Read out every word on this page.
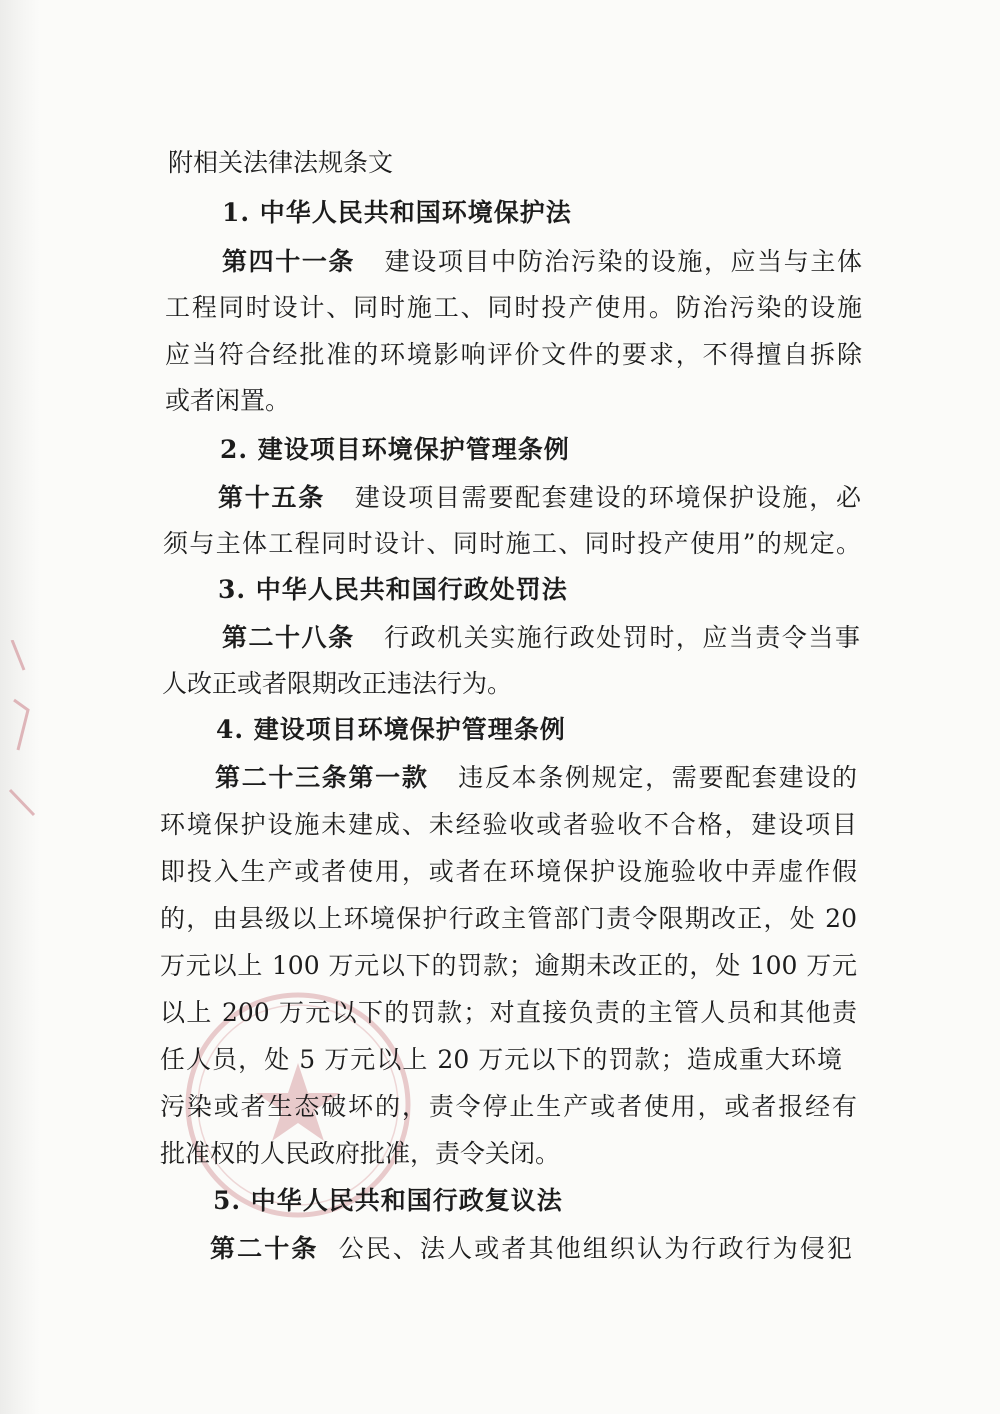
附相关法律法规条文
1. 中华人民共和国环境保护法
第四十一条 建设项目中防治污染的设施，应当与主体
工程同时设计、同时施工、同时投产使用。防治污染的设施
应当符合经批准的环境影响评价文件的要求，不得擅自拆除
或者闲置。
2. 建设项目环境保护管理条例
第十五条 建设项目需要配套建设的环境保护设施，必
须与主体工程同时设计、同时施工、同时投产使用”的规定。
3. 中华人民共和国行政处罚法
第二十八条 行政机关实施行政处罚时，应当责令当事
人改正或者限期改正违法行为。
4. 建设项目环境保护管理条例
第二十三条第一款 违反本条例规定，需要配套建设的
环境保护设施未建成、未经验收或者验收不合格，建设项目
即投入生产或者使用，或者在环境保护设施验收中弄虚作假
的，由县级以上环境保护行政主管部门责令限期改正，处 20
万元以上 100 万元以下的罚款；逾期未改正的，处 100 万元
以上 200 万元以下的罚款；对直接负责的主管人员和其他责
任人员，处 5 万元以上 20 万元以下的罚款；造成重大环境
污染或者生态破坏的，责令停止生产或者使用，或者报经有
批准权的人民政府批准，责令关闭。
5. 中华人民共和国行政复议法
第二十条 公民、法人或者其他组织认为行政行为侵犯
